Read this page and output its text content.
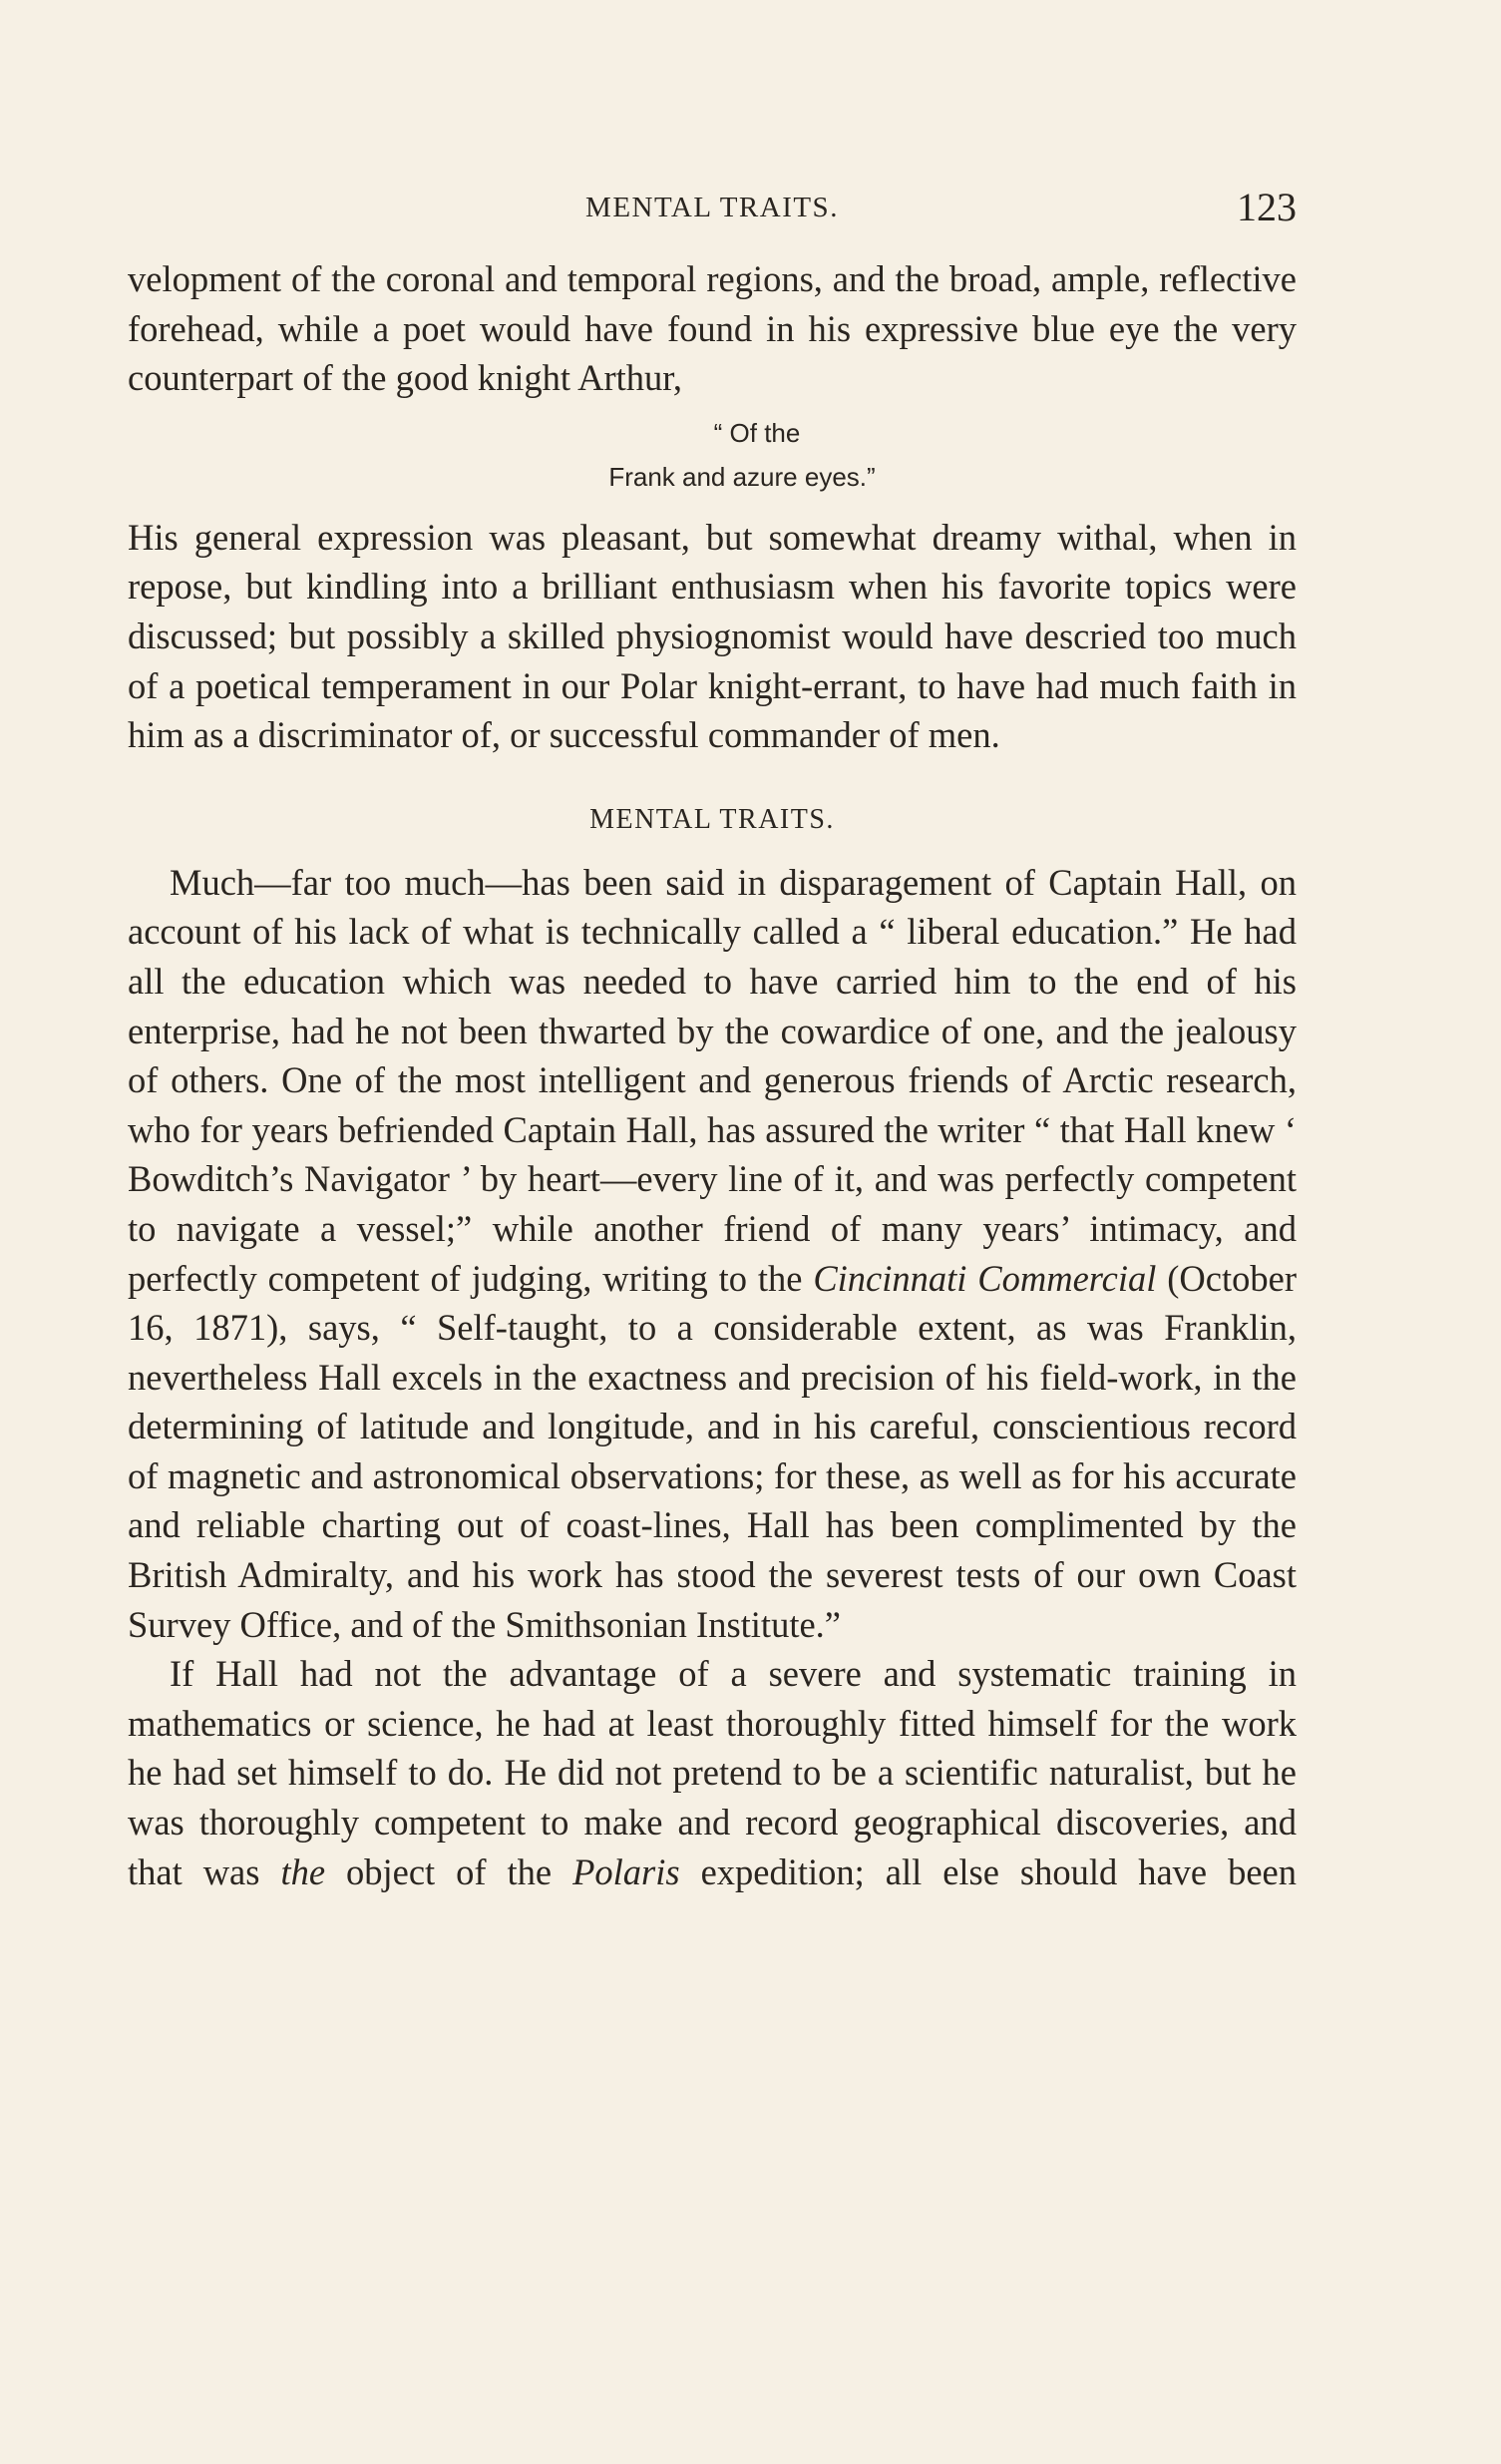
MENTAL TRAITS.	123

velopment of the coronal and temporal regions, and the broad, ample, reflective forehead, while a poet would have found in his expressive blue eye the very counterpart of the good knight Arthur,

“ Of the
Frank and azure eyes.”

His general expression was pleasant, but somewhat dreamy withal, when in repose, but kindling into a brilliant enthusiasm when his favorite topics were discussed; but possibly a skilled physiognomist would have descried too much of a poetical temperament in our Polar knight-errant, to have had much faith in him as a discriminator of, or successful commander of men.

MENTAL TRAITS.

Much—far too much—has been said in disparagement of Captain Hall, on account of his lack of what is technically called a “ liberal education.” He had all the education which was needed to have carried him to the end of his enterprise, had he not been thwarted by the cowardice of one, and the jealousy of others. One of the most intelligent and generous friends of Arctic research, who for years befriended Captain Hall, has assured the writer “ that Hall knew ‘ Bowditch’s Navigator ’ by heart—every line of it, and was perfectly competent to navigate a vessel;” while another friend of many years’ intimacy, and perfectly competent of judging, writing to the Cincinnati Commercial (October 16, 1871), says, “ Self-taught, to a considerable extent, as was Franklin, nevertheless Hall excels in the exactness and precision of his field-work, in the determining of latitude and longitude, and in his careful, conscientious record of magnetic and astronomical observations; for these, as well as for his accurate and reliable charting out of coast-lines, Hall has been complimented by the British Admiralty, and his work has stood the severest tests of our own Coast Survey Office, and of the Smithsonian Institute.”

If Hall had not the advantage of a severe and systematic training in mathematics or science, he had at least thoroughly fitted himself for the work he had set himself to do. He did not pretend to be a scientific naturalist, but he was thoroughly competent to make and record geographical discoveries, and that was the object of the Polaris expedition; all else should have been
